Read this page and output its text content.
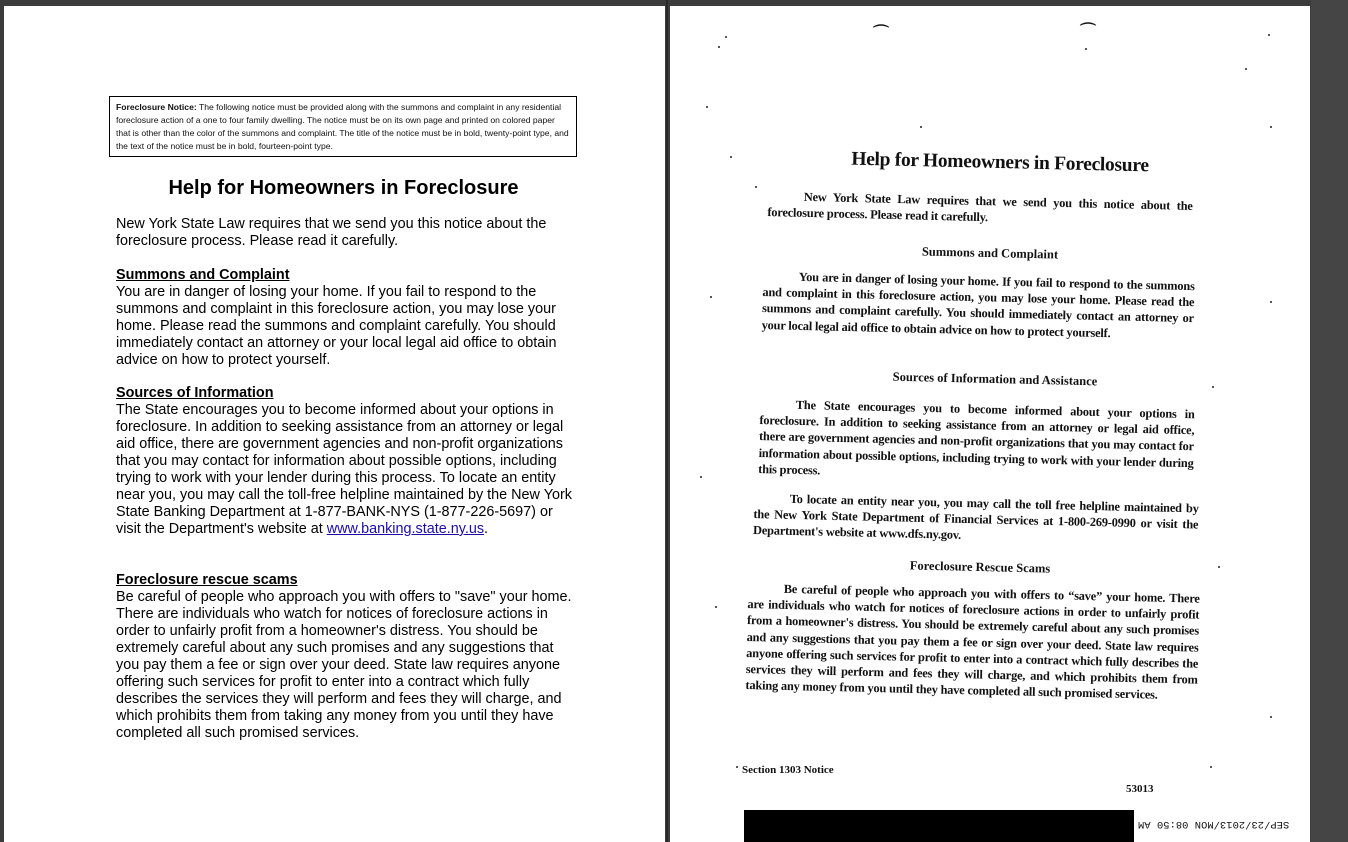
Foreclosure Notice: The following notice must be provided along with the summons and complaint in any residential foreclosure action of a one to four family dwelling. The notice must be on its own page and printed on colored paper that is other than the color of the summons and complaint. The title of the notice must be in bold, twenty-point type, and the text of the notice must be in bold, fourteen-point type.
Help for Homeowners in Foreclosure

New York State Law requires that we send you this notice about the foreclosure process. Please read it carefully.

Summons and Complaint

You are in danger of losing your home. If you fail to respond to the summons and complaint in this foreclosure action, you may lose your home. Please read the summons and complaint carefully. You should immediately contact an attorney or your local legal aid office to obtain advice on how to protect yourself.

Sources of Information

The State encourages you to become informed about your options in foreclosure. In addition to seeking assistance from an attorney or legal aid office, there are government agencies and non-profit organizations that you may contact for information about possible options, including trying to work with your lender during this process. To locate an entity near you, you may call the toll-free helpline maintained by the New York State Banking Department at 1-877-BANK-NYS (1-877-226-5697) or visit the Department's website at www.banking.state.ny.us.

Foreclosure rescue scams

Be careful of people who approach you with offers to "save" your home. There are individuals who watch for notices of foreclosure actions in order to unfairly profit from a homeowner's distress. You should be extremely careful about any such promises and any suggestions that you pay them a fee or sign over your deed. State law requires anyone offering such services for profit to enter into a contract which fully describes the services they will perform and fees they will charge, and which prohibits them from taking any money from you until they have completed all such promised services.

⌒	⌒
Help for Homeowners in Foreclosure

New York State Law requires that we send you this notice about the foreclosure process. Please read it carefully.

Summons and Complaint

You are in danger of losing your home. If you fail to respond to the summons and complaint in this foreclosure action, you may lose your home. Please read the summons and complaint carefully. You should immediately contact an attorney or your local legal aid office to obtain advice on how to protect yourself.

Sources of Information and Assistance

The State encourages you to become informed about your options in foreclosure. In addition to seeking assistance from an attorney or legal aid office, there are government agencies and non-profit organizations that you may contact for information about possible options, including trying to work with your lender during this process.

To locate an entity near you, you may call the toll free helpline maintained by the New York State Department of Financial Services at 1-800-269-0990 or visit the Department's website at www.dfs.ny.gov.

Foreclosure Rescue Scams

Be careful of people who approach you with offers to “save” your home. There are individuals who watch for notices of foreclosure actions in order to unfairly profit from a homeowner's distress. You should be extremely careful about any such promises and any suggestions that you pay them a fee or sign over your deed. State law requires anyone offering such services for profit to enter into a contract which fully describes the services they will perform and fees they will charge, and which prohibits them from taking any money from you until they have completed all such promised services.

Section 1303 Notice

53013

SEP/23/2013/MON 08:50 AM
